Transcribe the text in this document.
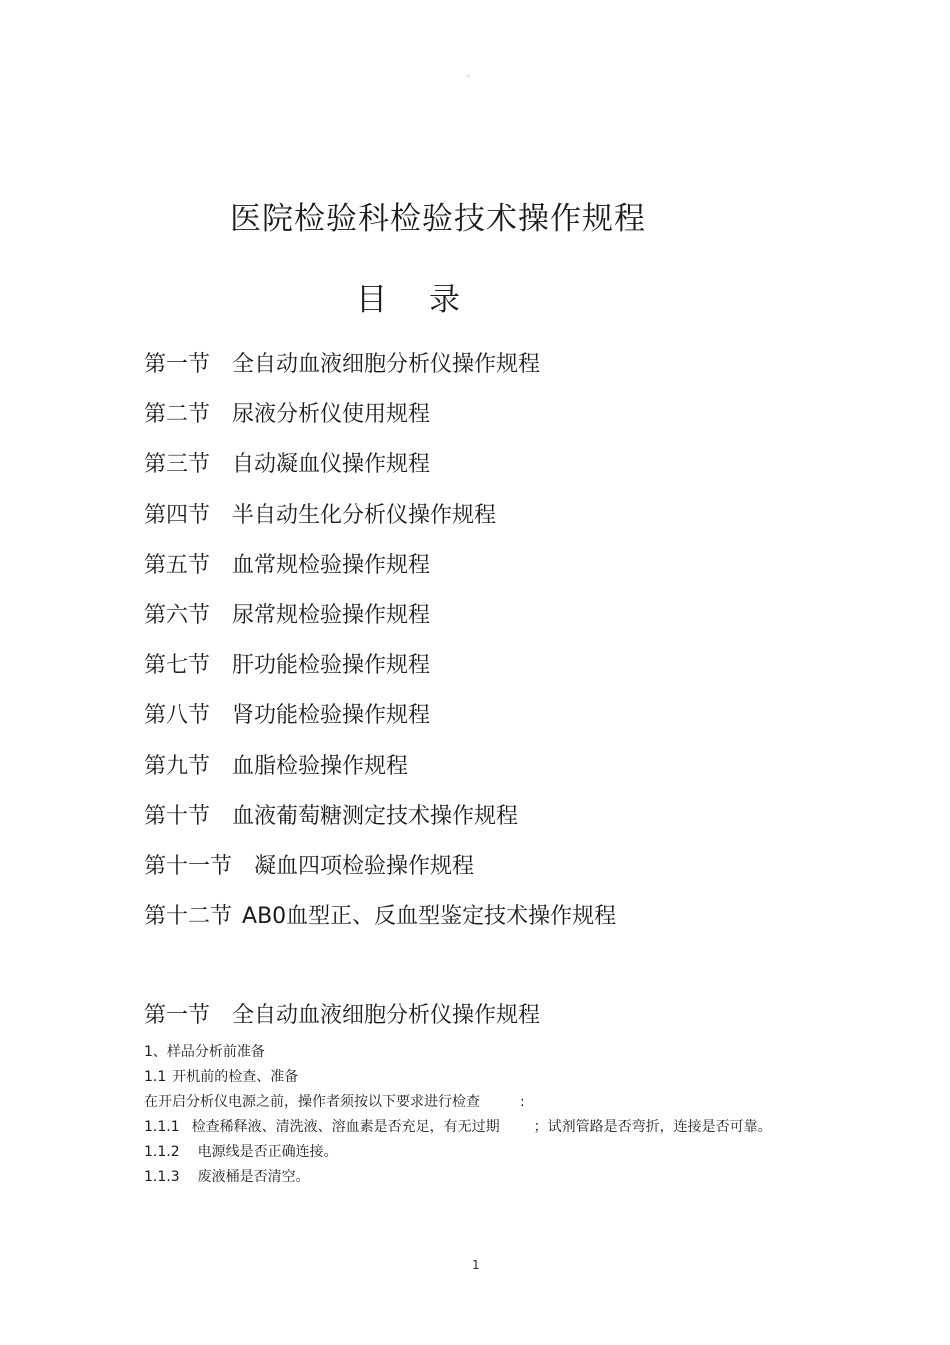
。
医院检验科检验技术操作规程
目 录
第一节 全自动血液细胞分析仪操作规程
第二节 尿液分析仪使用规程
第三节 自动凝血仪操作规程
第四节 半自动生化分析仪操作规程
第五节 血常规检验操作规程
第六节 尿常规检验操作规程
第七节 肝功能检验操作规程
第八节 肾功能检验操作规程
第九节 血脂检验操作规程
第十节 血液葡萄糖测定技术操作规程
第十一节 凝血四项检验操作规程
第十二节 AB0血型正、反血型鉴定技术操作规程
第一节 全自动血液细胞分析仪操作规程
1、样品分析前准备
1.1 开机前的检查、准备
在开启分析仪电源之前，操作者须按以下要求进行检查	:
1.1.1 检查稀释液、清洗液、溶血素是否充足，有无过期 ；试剂管路是否弯折，连接是否可靠。
1.1.2 电源线是否正确连接。
1.1.3 废液桶是否清空。
1
